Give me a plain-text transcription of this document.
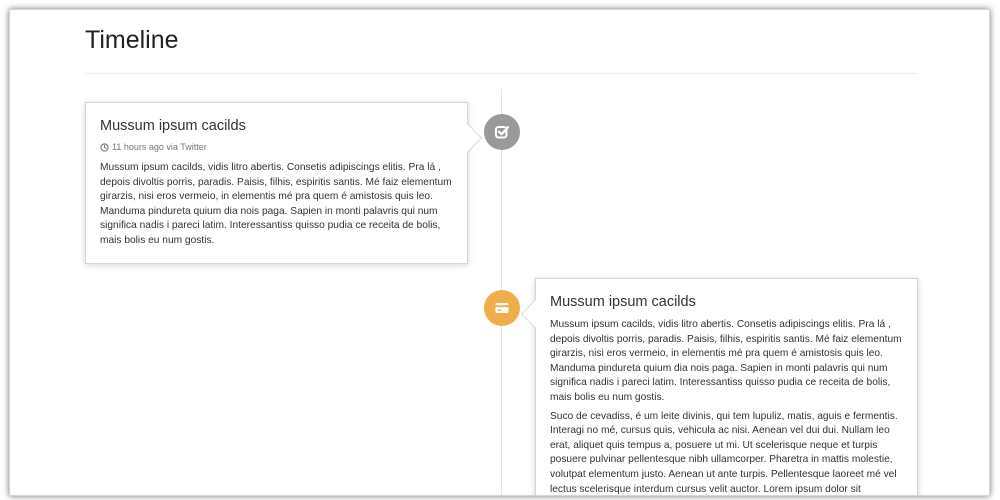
Timeline
Mussum ipsum cacilds
11 hours ago via Twitter

Mussum ipsum cacilds, vidis litro abertis. Consetis adipiscings elitis. Pra lá , depois divoltis porris, paradis. Paisis, filhis, espiritis santis. Mé faiz elementum girarzis, nisi eros vermeio, in elementis mé pra quem é amistosis quis leo. Manduma pindureta quium dia nois paga. Sapien in monti palavris qui num significa nadis i pareci latim. Interessantiss quisso pudia ce receita de bolis, mais bolis eu num gostis.

Mussum ipsum cacilds

Mussum ipsum cacilds, vidis litro abertis. Consetis adipiscings elitis. Pra lá , depois divoltis porris, paradis. Paisis, filhis, espiritis santis. Mé faiz elementum girarzis, nisi eros vermeio, in elementis mé pra quem é amistosis quis leo. Manduma pindureta quium dia nois paga. Sapien in monti palavris qui num significa nadis i pareci latim. Interessantiss quisso pudia ce receita de bolis, mais bolis eu num gostis.

Suco de cevadiss, é um leite divinis, qui tem lupuliz, matis, aguis e fermentis. Interagi no mé, cursus quis, vehicula ac nisi. Aenean vel dui dui. Nullam leo erat, aliquet quis tempus a, posuere ut mi. Ut scelerisque neque et turpis posuere pulvinar pellentesque nibh ullamcorper. Pharetra in mattis molestie, volutpat elementum justo. Aenean ut ante turpis. Pellentesque laoreet mé vel lectus scelerisque interdum cursus velit auctor. Lorem ipsum dolor sit
